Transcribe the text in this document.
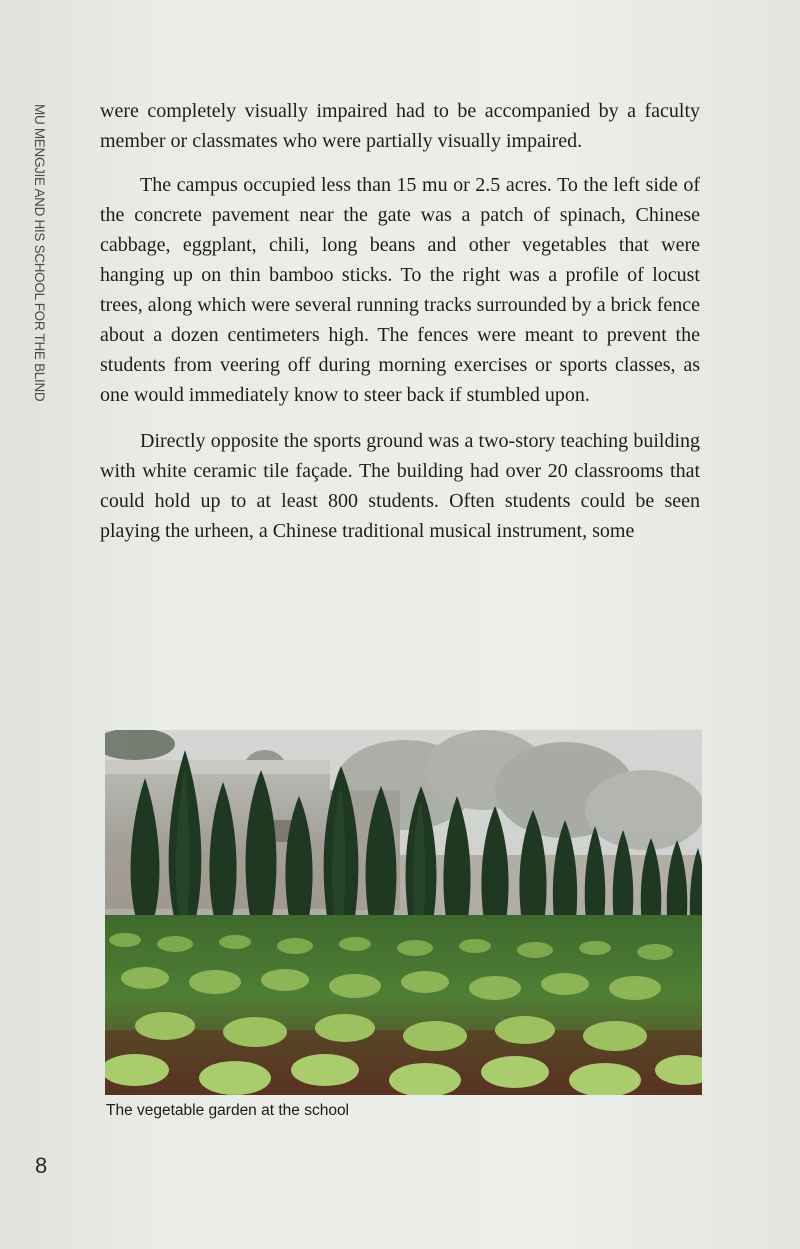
MU MENGJIE AND HIS SCHOOL FOR THE BLIND	were completely visually impaired had to be accompanied by a faculty member or classmates who were partially visually impaired.

The campus occupied less than 15 mu or 2.5 acres. To the left side of the concrete pavement near the gate was a patch of spinach, Chinese cabbage, eggplant, chili, long beans and other vegetables that were hanging up on thin bamboo sticks. To the right was a profile of locust trees, along which were several running tracks surrounded by a brick fence about a dozen centimeters high. The fences were meant to prevent the students from veering off during morning exercises or sports classes, as one would immediately know to steer back if stumbled upon.

Directly opposite the sports ground was a two-story teaching building with white ceramic tile façade. The building had over 20 classrooms that could hold up to at least 800 students. Often students could be seen playing the urheen, a Chinese traditional musical instrument, some

The vegetable garden at the school
8
